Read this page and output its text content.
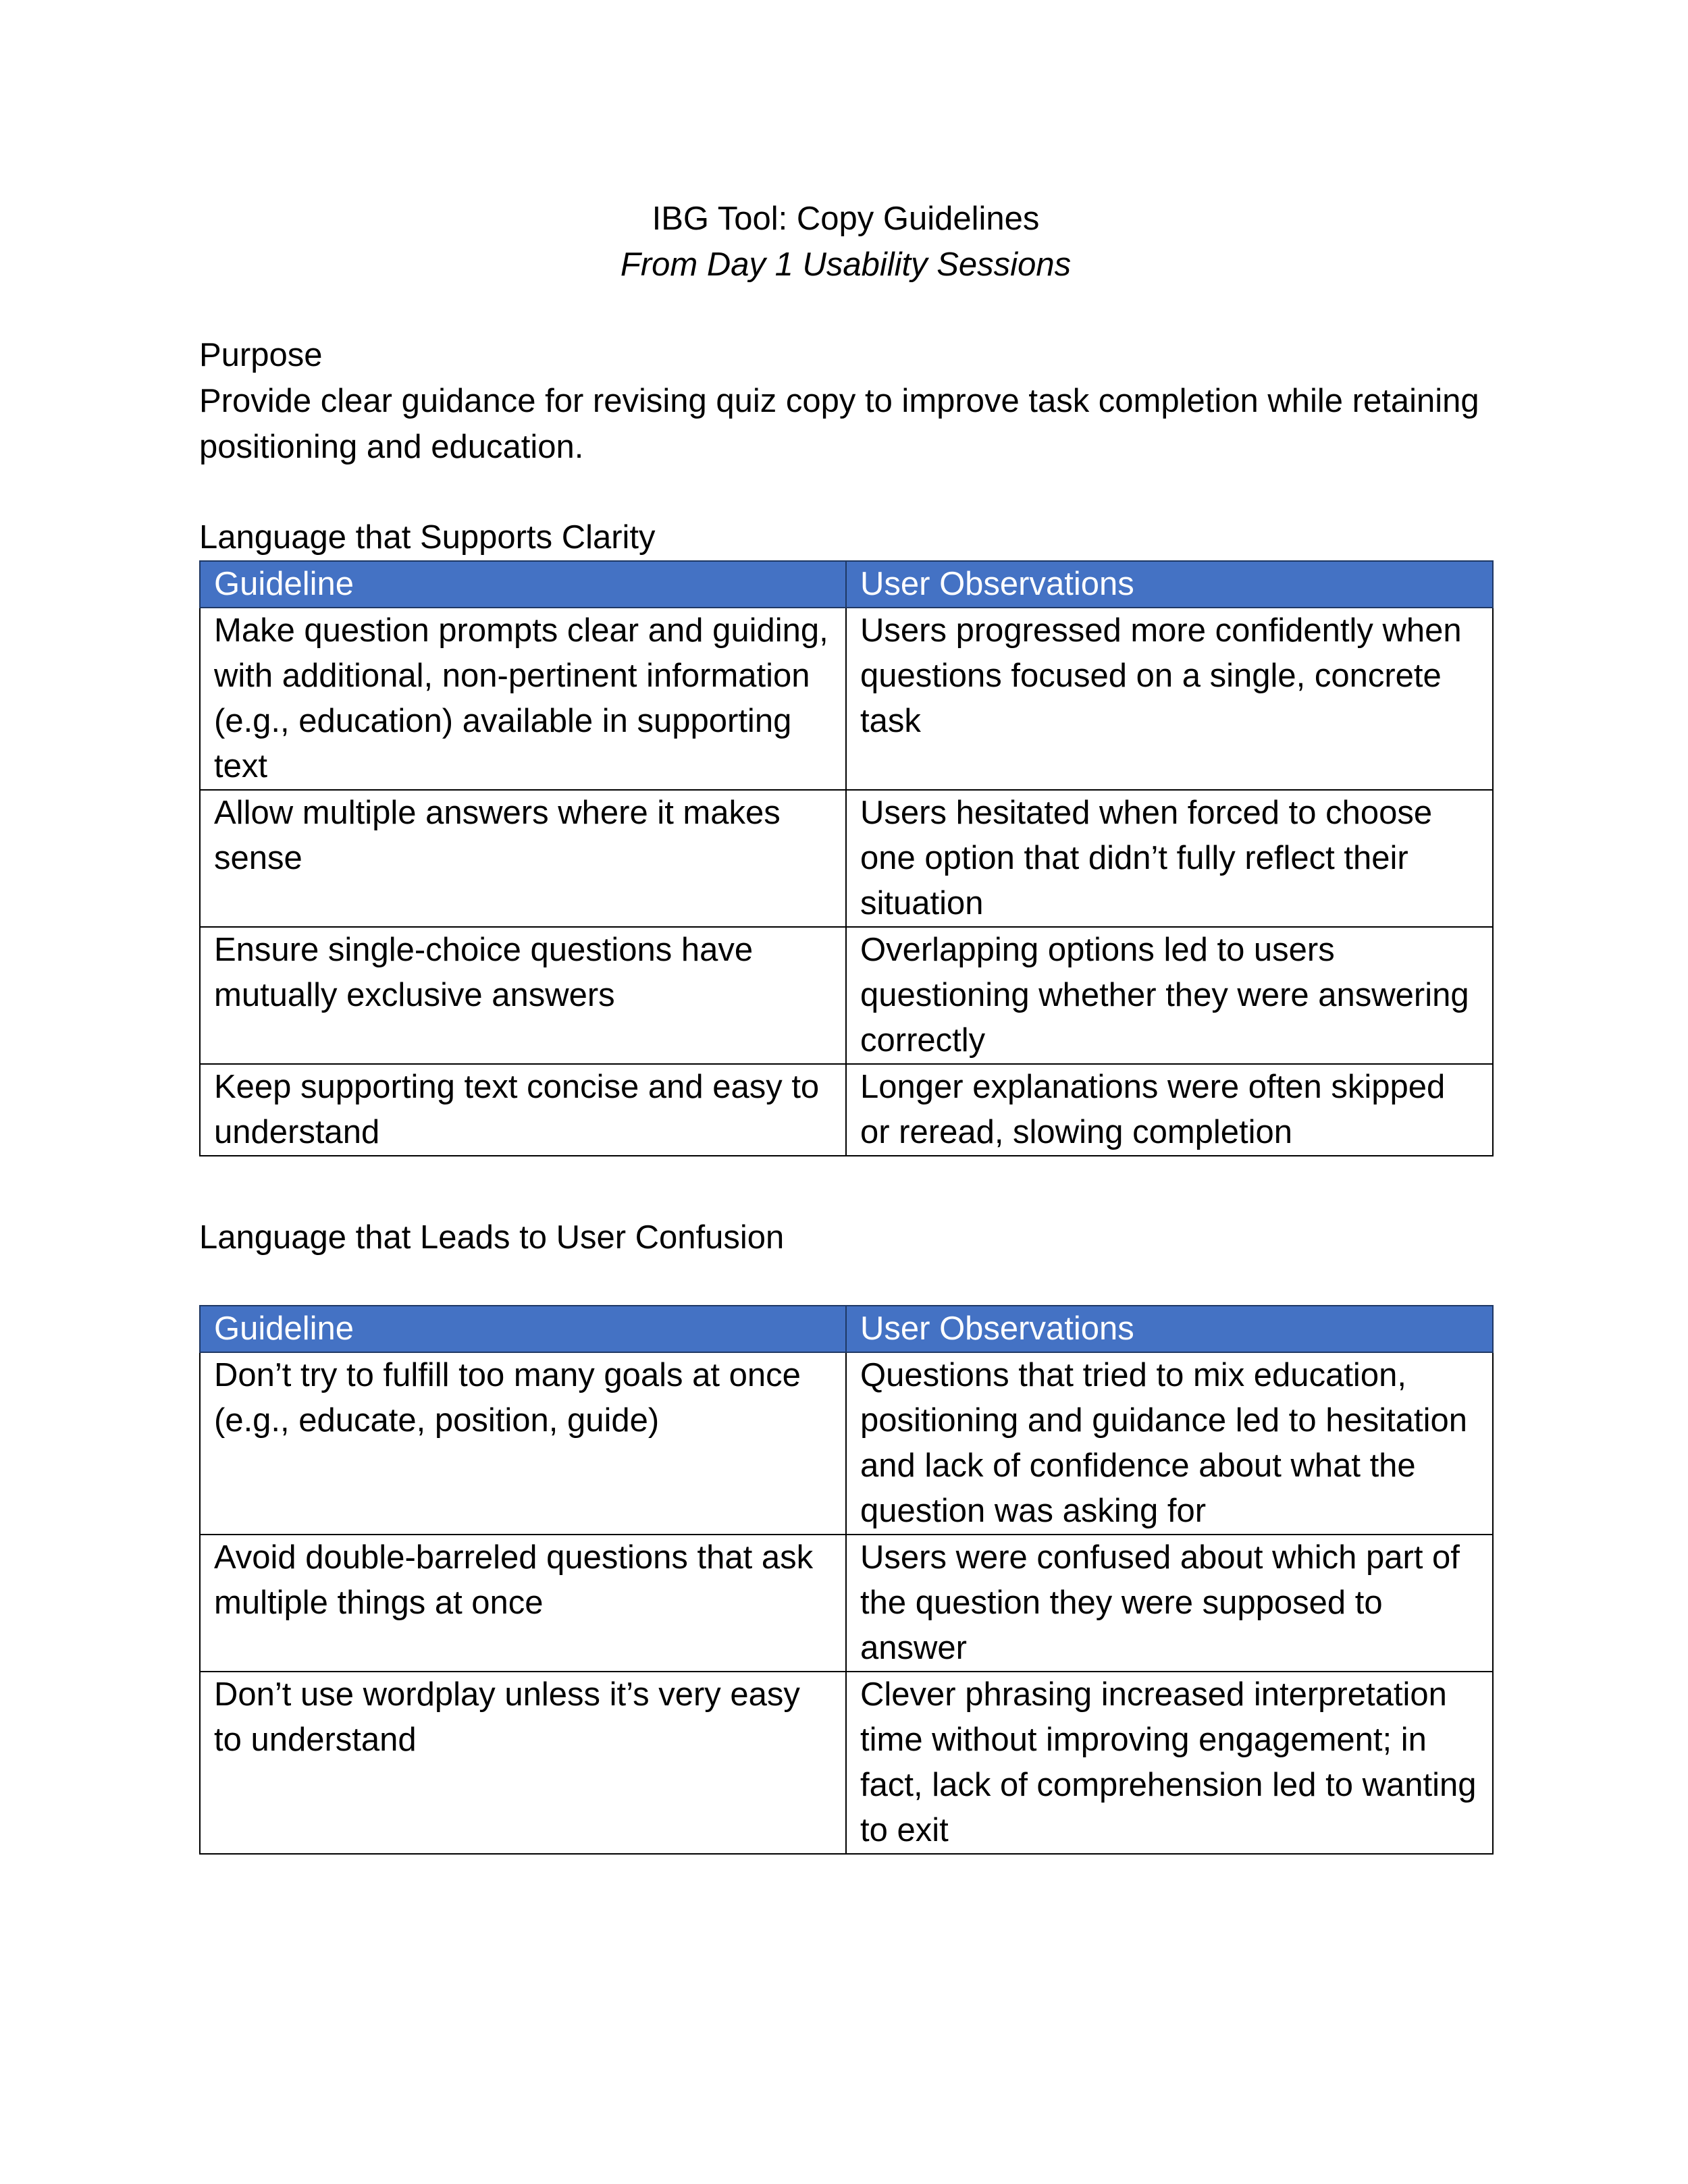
IBG Tool: Copy Guidelines

From Day 1 Usability Sessions

Purpose

Provide clear guidance for revising quiz copy to improve task completion while retaining positioning and education.

Language that Supports Clarity
Guideline	User Observations
Make question prompts clear and guiding, with additional, non-pertinent information (e.g., education) available in supporting text	Users progressed more confidently when questions focused on a single, concrete task
Allow multiple answers where it makes sense	Users hesitated when forced to choose one option that didn’t fully reflect their situation
Ensure single-choice questions have mutually exclusive answers	Overlapping options led to users questioning whether they were answering correctly
Keep supporting text concise and easy to understand	Longer explanations were often skipped or reread, slowing completion
Language that Leads to User Confusion
Guideline	User Observations
Don’t try to fulfill too many goals at once (e.g., educate, position, guide)	Questions that tried to mix education, positioning and guidance led to hesitation and lack of confidence about what the question was asking for
Avoid double-barreled questions that ask multiple things at once	Users were confused about which part of the question they were supposed to answer
Don’t use wordplay unless it’s very easy to understand	Clever phrasing increased interpretation time without improving engagement; in fact, lack of comprehension led to wanting to exit
